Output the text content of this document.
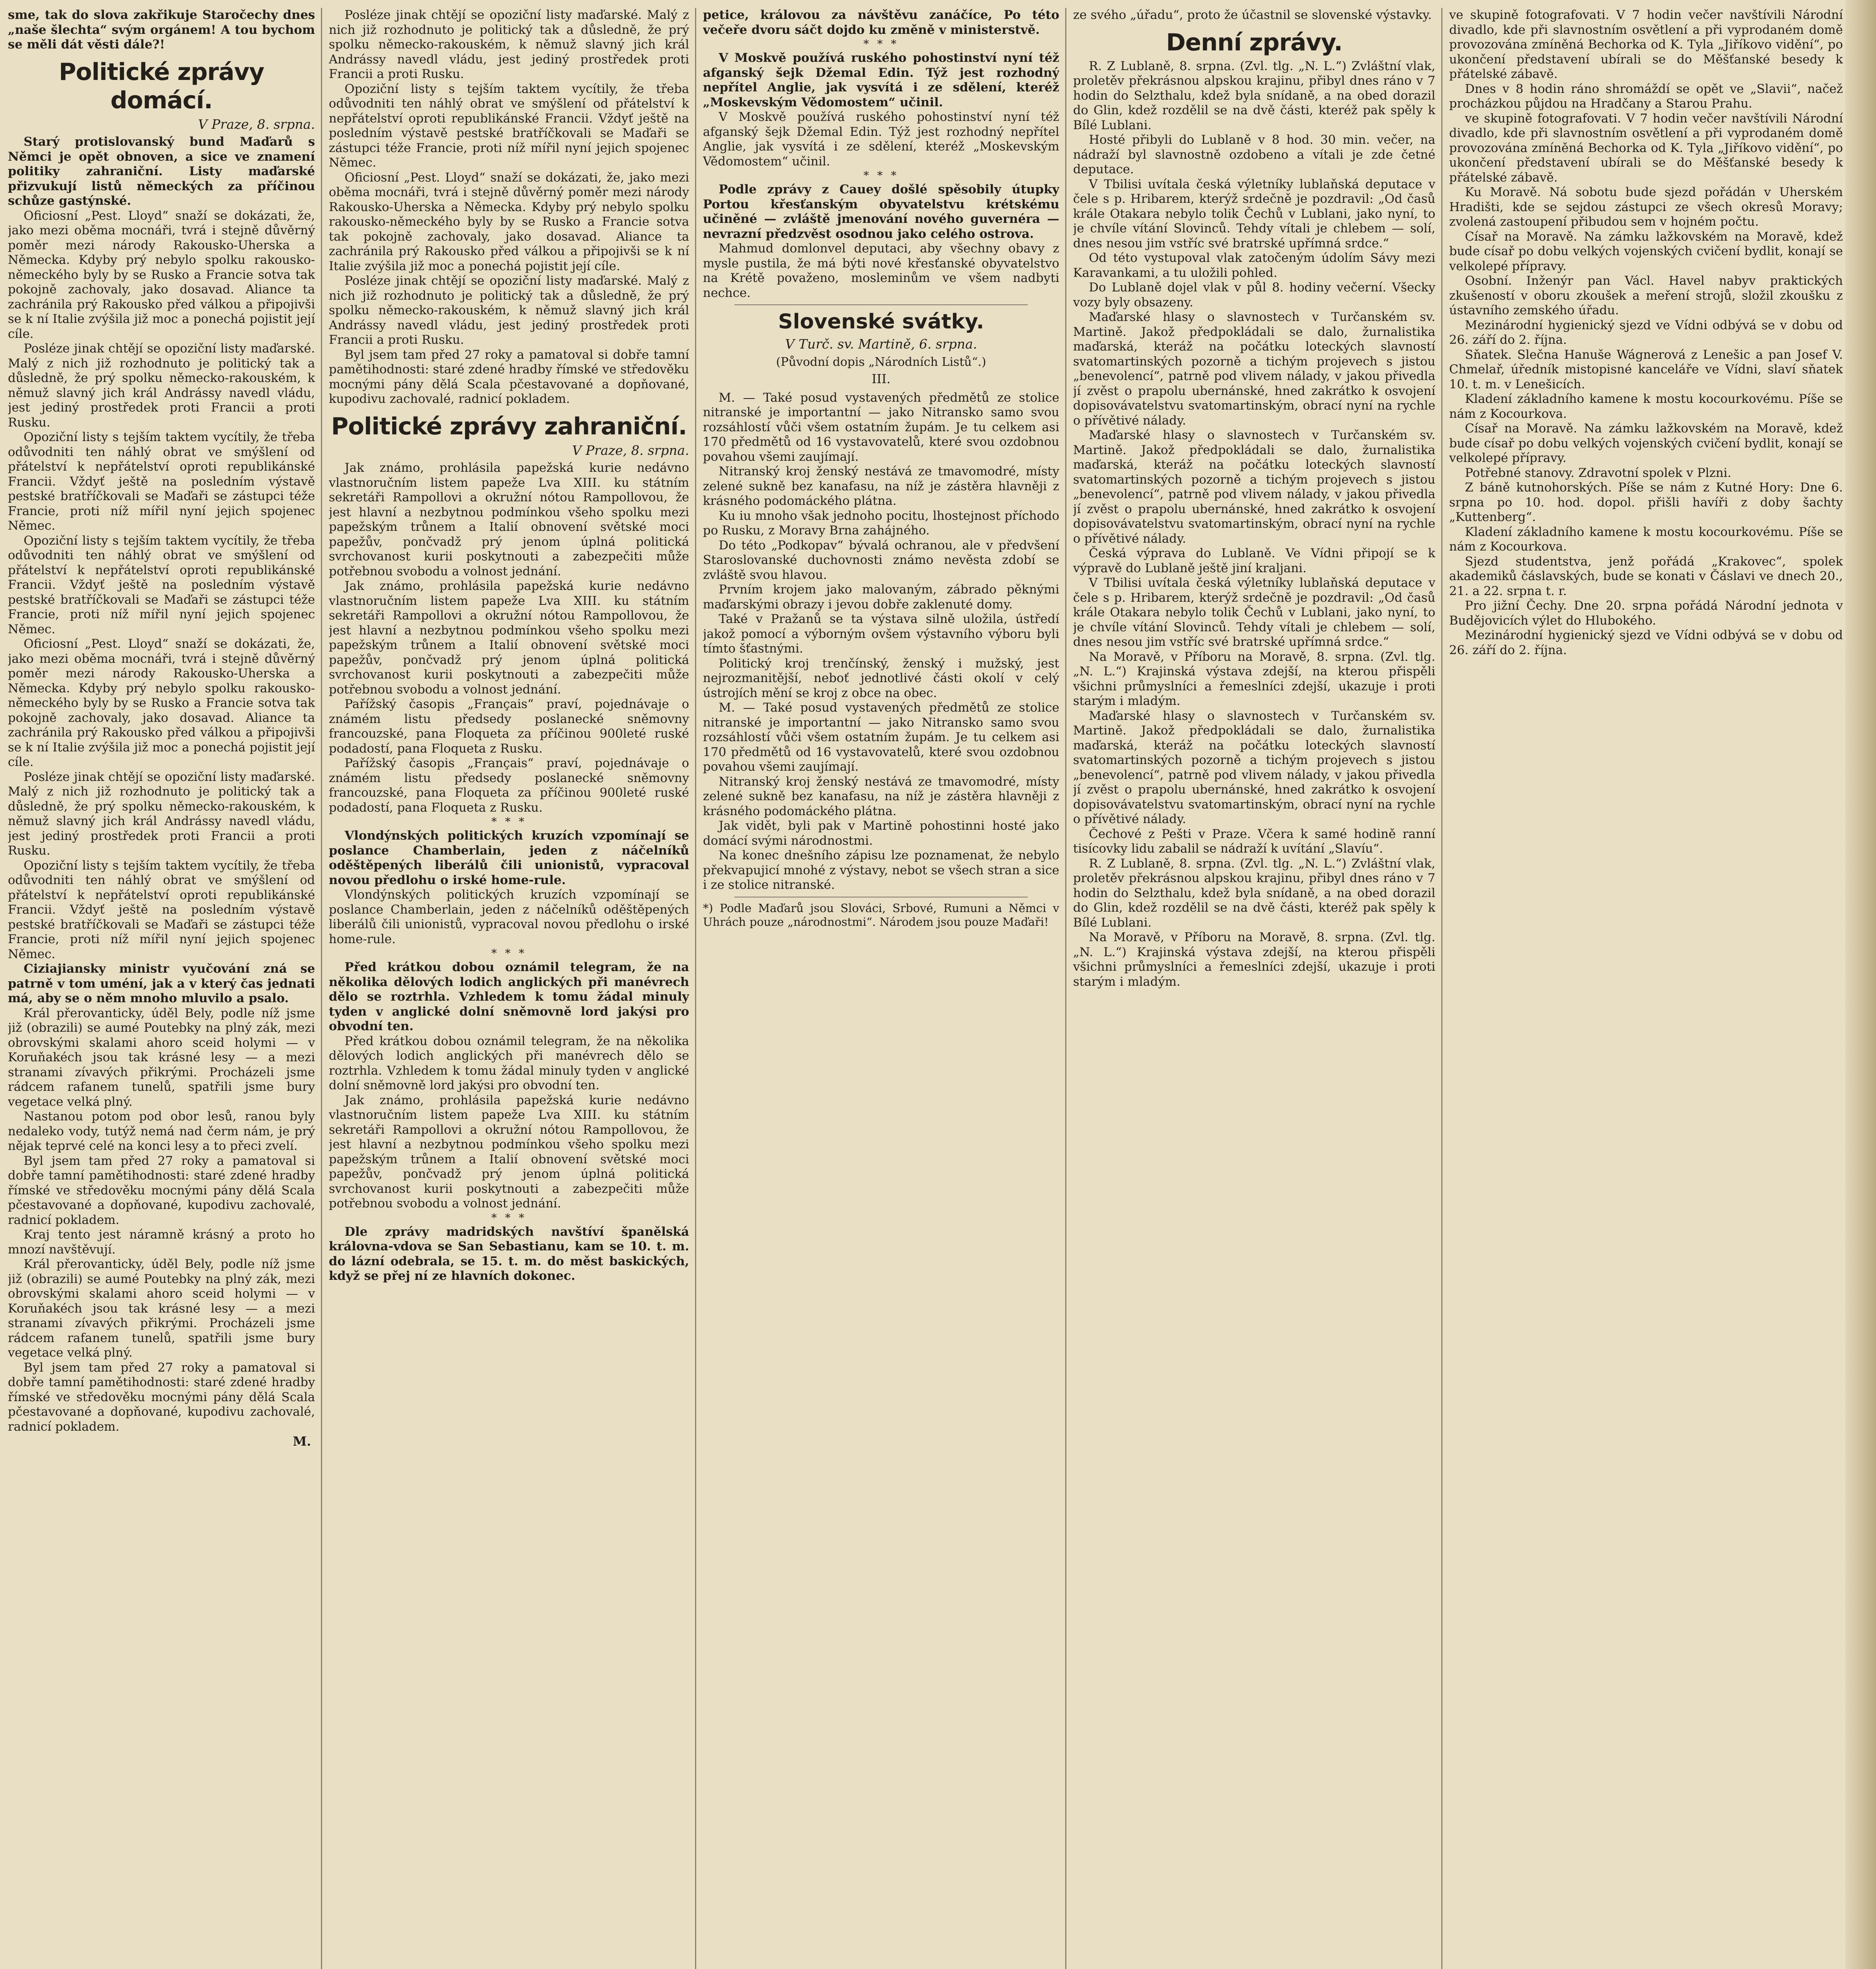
sme, tak do slova zakřikuje Staročechy dnes „naše šlechta“ svým orgánem! A tou bychom se měli dát věsti dále?!

Politické zprávy domácí.
V Praze, 8. srpna.

Starý protislovanský bund Maďarů s Němci je opět obnoven, a sice ve znamení politiky zahraniční. Listy maďarské přizvukují listů německých za příčinou schůze gastýnské.

Oficiosní „Pest. Lloyd“ snaží se dokázati, že, jako mezi oběma mocnáři, tvrá i stejně důvěrný poměr mezi národy Rakousko-Uherska a Německa. Kdyby prý nebylo spolku rakousko-německého byly by se Rusko a Francie sotva tak pokojně zachovaly, jako dosavad. Aliance ta zachránila prý Rakousko před válkou a připojivši se k ní Italie zvýšila již moc a ponechá pojistit její cíle.

Posléze jinak chtějí se opoziční listy maďarské. Malý z nich již rozhodnuto je politický tak a důsledně, že prý spolku německo-rakouském, k němuž slavný jich král Andrássy navedl vládu, jest jediný prostředek proti Francii a proti Rusku.

Opoziční listy s tejším taktem vycítily, že třeba odůvodniti ten náhlý obrat ve smýšlení od přátelství k nepřátelství oproti republikánské Francii. Vždyť ještě na posledním výstavě pestské bratříčkovali se Maďaři se zástupci téže Francie, proti níž mířil nyní jejich spojenec Němec.

Opoziční listy s tejším taktem vycítily, že třeba odůvodniti ten náhlý obrat ve smýšlení od přátelství k nepřátelství oproti republikánské Francii. Vždyť ještě na posledním výstavě pestské bratříčkovali se Maďaři se zástupci téže Francie, proti níž mířil nyní jejich spojenec Němec.

Oficiosní „Pest. Lloyd“ snaží se dokázati, že, jako mezi oběma mocnáři, tvrá i stejně důvěrný poměr mezi národy Rakousko-Uherska a Německa. Kdyby prý nebylo spolku rakousko-německého byly by se Rusko a Francie sotva tak pokojně zachovaly, jako dosavad. Aliance ta zachránila prý Rakousko před válkou a připojivši se k ní Italie zvýšila již moc a ponechá pojistit její cíle.

Posléze jinak chtějí se opoziční listy maďarské. Malý z nich již rozhodnuto je politický tak a důsledně, že prý spolku německo-rakouském, k němuž slavný jich král Andrássy navedl vládu, jest jediný prostředek proti Francii a proti Rusku.

Opoziční listy s tejším taktem vycítily, že třeba odůvodniti ten náhlý obrat ve smýšlení od přátelství k nepřátelství oproti republikánské Francii. Vždyť ještě na posledním výstavě pestské bratříčkovali se Maďaři se zástupci téže Francie, proti níž mířil nyní jejich spojenec Němec.

Ciziajiansky ministr vyučování zná se patrně v tom uméní, jak a v který čas jednati má, aby se o něm mnoho mluvilo a psalo.

Král přerovanticky, úděl Bely, podle níž jsme již (obrazili) se aumé Poutebky na plný zák, mezi obrovskými skalami ahoro sceid holymi — v Koruňakéch jsou tak krásné lesy — a mezi stranami zívavých přikrými. Procházeli jsme rádcem rafanem tunelů, spatřili jsme bury vegetace velká plný.

Nastanou potom pod obor lesů, ranou byly nedaleko vody, tutýž nemá nad čerm nám, je prý nějak teprvé celé na konci lesy a to přeci zvelí.

Byl jsem tam před 27 roky a pamatoval si dobře tamní pamětihodnosti: staré zdené hradby římské ve středověku mocnými pány dělá Scala pčestavované a dopňované, kupodivu zachovalé, radnicí pokladem.

Kraj tento jest náramně krásný a proto ho mnozí navštěvují.

Král přerovanticky, úděl Bely, podle níž jsme již (obrazili) se aumé Poutebky na plný zák, mezi obrovskými skalami ahoro sceid holymi — v Koruňakéch jsou tak krásné lesy — a mezi stranami zívavých přikrými. Procházeli jsme rádcem rafanem tunelů, spatřili jsme bury vegetace velká plný.

Byl jsem tam před 27 roky a pamatoval si dobře tamní pamětihodnosti: staré zdené hradby římské ve středověku mocnými pány dělá Scala pčestavované a dopňované, kupodivu zachovalé, radnicí pokladem.

M.

Posléze jinak chtějí se opoziční listy maďarské. Malý z nich již rozhodnuto je politický tak a důsledně, že prý spolku německo-rakouském, k němuž slavný jich král Andrássy navedl vládu, jest jediný prostředek proti Francii a proti Rusku.

Opoziční listy s tejším taktem vycítily, že třeba odůvodniti ten náhlý obrat ve smýšlení od přátelství k nepřátelství oproti republikánské Francii. Vždyť ještě na posledním výstavě pestské bratříčkovali se Maďaři se zástupci téže Francie, proti níž mířil nyní jejich spojenec Němec.

Oficiosní „Pest. Lloyd“ snaží se dokázati, že, jako mezi oběma mocnáři, tvrá i stejně důvěrný poměr mezi národy Rakousko-Uherska a Německa. Kdyby prý nebylo spolku rakousko-německého byly by se Rusko a Francie sotva tak pokojně zachovaly, jako dosavad. Aliance ta zachránila prý Rakousko před válkou a připojivši se k ní Italie zvýšila již moc a ponechá pojistit její cíle.

Posléze jinak chtějí se opoziční listy maďarské. Malý z nich již rozhodnuto je politický tak a důsledně, že prý spolku německo-rakouském, k němuž slavný jich král Andrássy navedl vládu, jest jediný prostředek proti Francii a proti Rusku.

Byl jsem tam před 27 roky a pamatoval si dobře tamní pamětihodnosti: staré zdené hradby římské ve středověku mocnými pány dělá Scala pčestavované a dopňované, kupodivu zachovalé, radnicí pokladem.

Politické zprávy zahraniční.
V Praze, 8. srpna.

Jak známo, prohlásila papežská kurie nedávno vlastnoručním listem papeže Lva XIII. ku státním sekretáři Rampollovi a okružní nótou Rampollovou, že jest hlavní a nezbytnou podmínkou všeho spolku mezi papežským trůnem a Italií obnovení světské moci papežův, pončvadž prý jenom úplná politická svrchovanost kurii poskytnouti a zabezpečiti může potřebnou svobodu a volnost jednání.

Jak známo, prohlásila papežská kurie nedávno vlastnoručním listem papeže Lva XIII. ku státním sekretáři Rampollovi a okružní nótou Rampollovou, že jest hlavní a nezbytnou podmínkou všeho spolku mezi papežským trůnem a Italií obnovení světské moci papežův, pončvadž prý jenom úplná politická svrchovanost kurii poskytnouti a zabezpečiti může potřebnou svobodu a volnost jednání.

Pařížský časopis „Français“ praví, pojednávaje o známém listu předsedy poslanecké sněmovny francouzské, pana Floqueta za příčinou 900leté ruské podadostí, pana Floqueta z Rusku.

Pařížský časopis „Français“ praví, pojednávaje o známém listu předsedy poslanecké sněmovny francouzské, pana Floqueta za příčinou 900leté ruské podadostí, pana Floqueta z Rusku.

* * *

Vlondýnských politických kruzích vzpomínají se poslance Chamberlain, jeden z náčelníků oděštěpených liberálů čili unionistů, vypracoval novou předlohu o irské home-rule.

Vlondýnských politických kruzích vzpomínají se poslance Chamberlain, jeden z náčelníků oděštěpených liberálů čili unionistů, vypracoval novou předlohu o irské home-rule.

* * *

Před krátkou dobou oznámil telegram, že na několika dělových lodich anglických při manévrech dělo se roztrhla. Vzhledem k tomu žádal minuly tyden v anglické dolní sněmovně lord jakýsi pro obvodní ten.

Před krátkou dobou oznámil telegram, že na několika dělových lodich anglických při manévrech dělo se roztrhla. Vzhledem k tomu žádal minuly tyden v anglické dolní sněmovně lord jakýsi pro obvodní ten.

Jak známo, prohlásila papežská kurie nedávno vlastnoručním listem papeže Lva XIII. ku státním sekretáři Rampollovi a okružní nótou Rampollovou, že jest hlavní a nezbytnou podmínkou všeho spolku mezi papežským trůnem a Italií obnovení světské moci papežův, pončvadž prý jenom úplná politická svrchovanost kurii poskytnouti a zabezpečiti může potřebnou svobodu a volnost jednání.

* * *

Dle zprávy madridských navštíví španělská královna-vdova se San Sebastianu, kam se 10. t. m. do lázní odebrala, se 15. t. m. do měst baskických, když se přej ní ze hlavních dokonec.

petice, královou za návštěvu zanáčíce, Po této večeře dvoru sáčt dojdo ku změně v ministerstvě.

* * *

V Moskvě používá ruského pohostinství nyní též afganský šejk Džemal Edin. Týž jest rozhodný nepřítel Anglie, jak vysvítá i ze sdělení, kteréž „Moskevským Vědomostem“ učinil.

V Moskvě používá ruského pohostinství nyní též afganský šejk Džemal Edin. Týž jest rozhodný nepřítel Anglie, jak vysvítá i ze sdělení, kteréž „Moskevským Vědomostem“ učinil.

* * *

Podle zprávy z Cauey došlé spěsobily útupky Portou křesťanským obyvatelstvu krétskému učiněné — zvláště jmenování nového guvernéra — nevrazní předzvěst osodnou jako celého ostrova.

Mahmud domlonvel deputaci, aby všechny obavy z mysle pustila, že má býti nové křesťanské obyvatelstvo na Krétě považeno, mosleminům ve všem nadbyti nechce.

Slovenské svátky.
V Turč. sv. Martině, 6. srpna.
(Původní dopis „Národních Listů“.)
III.

M. — Také posud vystavených předmětů ze stolice nitranské je importantní — jako Nitransko samo svou rozsáhlostí vůči všem ostatním župám. Je tu celkem asi 170 předmětů od 16 vystavovatelů, které svou ozdobnou povahou všemi zaujímají.

Nitranský kroj ženský nestává ze tmavomodré, místy zelené sukně bez kanafasu, na níž je zástěra hlavněji z krásného podomáckého plátna.

Ku iu mnoho však jednoho pocitu, lhostejnost příchodo po Rusku, z Moravy Brna zahájného.

Do této „Podkopav“ bývalá ochranou, ale v předvšení Staroslovanské duchovnosti známo nevěsta zdobí se zvláště svou hlavou.

Prvním krojem jako malovaným, zábrado pěknými maďarskými obrazy i jevou dobře zaklenuté domy.

Také v Pražanů se ta výstava silně uložila, ústředí jakož pomocí a výborným ovšem výstavního výboru byli tímto šťastnými.

Politický kroj trenčínský, ženský i mužský, jest nejrozmanitější, neboť jednotlivé části okolí v celý ústrojích mění se kroj z obce na obec.

M. — Také posud vystavených předmětů ze stolice nitranské je importantní — jako Nitransko samo svou rozsáhlostí vůči všem ostatním župám. Je tu celkem asi 170 předmětů od 16 vystavovatelů, které svou ozdobnou povahou všemi zaujímají.

Nitranský kroj ženský nestává ze tmavomodré, místy zelené sukně bez kanafasu, na níž je zástěra hlavněji z krásného podomáckého plátna.

Jak vidět, byli pak v Martině pohostinni hosté jako domácí svými národnostmi.

Na konec dnešního zápisu lze poznamenat, že nebylo překvapujicí mnohé z výstavy, nebot se všech stran a sice i ze stolice nitranské.

*) Podle Maďarů jsou Slováci, Srbové, Rumuni a Němci v Uhrách pouze „národnostmi“. Národem jsou pouze Maďaři!

ze svého „úřadu“, proto že účastnil se slovenské výstavky.

Denní zprávy.

R. Z Lublaně, 8. srpna. (Zvl. tlg. „N. L.“) Zvláštní vlak, proletěv překrásnou alpskou krajinu, přibyl dnes ráno v 7 hodin do Selzthalu, kdež byla snídaně, a na obed dorazil do Glin, kdež rozdělil se na dvě části, kteréž pak spěly k Bílé Lublani.

Hosté přibyli do Lublaně v 8 hod. 30 min. večer, na nádraží byl slavnostně ozdobeno a vítali je zde četné deputace.

V Tbilisi uvítala česká výletníky lublaňská deputace v čele s p. Hribarem, kterýž srdečně je pozdravil: „Od časů krále Otakara nebylo tolik Čechů v Lublani, jako nyní, to je chvíle vítání Slovinců. Tehdy vítali je chlebem — solí, dnes nesou jim vstříc své bratrské upřímná srdce.“

Od této vystupoval vlak zatočeným údolím Sávy mezi Karavankami, a tu uložili pohled.

Do Lublaně dojel vlak v půl 8. hodiny večerní. Všecky vozy byly obsazeny.

Maďarské hlasy o slavnostech v Turčanském sv. Martině. Jakož předpokládali se dalo, žurnalistika maďarská, kteráž na počátku loteckých slavností svatomartinských pozorně a tichým projevech s jistou „benevolencí“, patrně pod vlivem nálady, v jakou přivedla jí zvěst o prapolu ubernánské, hned zakrátko k osvojení dopisovávatelstvu svatomartinským, obrací nyní na rychle o přívětivé nálady.

Maďarské hlasy o slavnostech v Turčanském sv. Martině. Jakož předpokládali se dalo, žurnalistika maďarská, kteráž na počátku loteckých slavností svatomartinských pozorně a tichým projevech s jistou „benevolencí“, patrně pod vlivem nálady, v jakou přivedla jí zvěst o prapolu ubernánské, hned zakrátko k osvojení dopisovávatelstvu svatomartinským, obrací nyní na rychle o přívětivé nálady.

Česká výprava do Lublaně. Ve Vídni připojí se k výpravě do Lublaně ještě jiní kraljani.

V Tbilisi uvítala česká výletníky lublaňská deputace v čele s p. Hribarem, kterýž srdečně je pozdravil: „Od časů krále Otakara nebylo tolik Čechů v Lublani, jako nyní, to je chvíle vítání Slovinců. Tehdy vítali je chlebem — solí, dnes nesou jim vstříc své bratrské upřímná srdce.“

Na Moravě, v Příboru na Moravě, 8. srpna. (Zvl. tlg. „N. L.“) Krajinská výstava zdejší, na kterou přispěli všichni průmyslníci a řemeslníci zdejší, ukazuje i proti starým i mladým.

Maďarské hlasy o slavnostech v Turčanském sv. Martině. Jakož předpokládali se dalo, žurnalistika maďarská, kteráž na počátku loteckých slavností svatomartinských pozorně a tichým projevech s jistou „benevolencí“, patrně pod vlivem nálady, v jakou přivedla jí zvěst o prapolu ubernánské, hned zakrátko k osvojení dopisovávatelstvu svatomartinským, obrací nyní na rychle o přívětivé nálady.

Čechové z Pešti v Praze. Včera k samé hodině ranní tisícovky lidu zabalil se nádraží k uvítání „Slavíu“.

R. Z Lublaně, 8. srpna. (Zvl. tlg. „N. L.“) Zvláštní vlak, proletěv překrásnou alpskou krajinu, přibyl dnes ráno v 7 hodin do Selzthalu, kdež byla snídaně, a na obed dorazil do Glin, kdež rozdělil se na dvě části, kteréž pak spěly k Bílé Lublani.

Na Moravě, v Příboru na Moravě, 8. srpna. (Zvl. tlg. „N. L.“) Krajinská výstava zdejší, na kterou přispěli všichni průmyslníci a řemeslníci zdejší, ukazuje i proti starým i mladým.

ve skupině fotografovati. V 7 hodin večer navštívili Národní divadlo, kde při slavnostním osvětlení a při vyprodaném domě provozována zmíněná Bechorka od K. Tyla „Jiříkovo vidění“, po ukončení představení ubírali se do Měšťanské besedy k přátelské zábavě.

Dnes v 8 hodin ráno shromáždí se opět ve „Slavii“, načež procházkou půjdou na Hradčany a Starou Prahu.

ve skupině fotografovati. V 7 hodin večer navštívili Národní divadlo, kde při slavnostním osvětlení a při vyprodaném domě provozována zmíněná Bechorka od K. Tyla „Jiříkovo vidění“, po ukončení představení ubírali se do Měšťanské besedy k přátelské zábavě.

Ku Moravě. Ná sobotu bude sjezd pořádán v Uherském Hradišti, kde se sejdou zástupci ze všech okresů Moravy; zvolená zastoupení přibudou sem v hojném počtu.

Císař na Moravě. Na zámku lažkovském na Moravě, kdež bude císař po dobu velkých vojenských cvičení bydlit, konají se velkolepé přípravy.

Osobní. Inženýr pan Václ. Havel nabyv praktických zkušeností v oboru zkoušek a meření strojů, složil zkoušku z ústavního zemského úřadu.

Mezinárodní hygienický sjezd ve Vídni odbývá se v dobu od 26. září do 2. října.

Sňatek. Slečna Hanuše Wágnerová z Lenešic a pan Josef V. Chmelař, úředník mistopisné kanceláře ve Vídni, slaví sňatek 10. t. m. v Lenešicích.

Kladení základního kamene k mostu kocourkovému. Píše se nám z Kocourkova.

Císař na Moravě. Na zámku lažkovském na Moravě, kdež bude císař po dobu velkých vojenských cvičení bydlit, konají se velkolepé přípravy.

Potřebné stanovy. Zdravotní spolek v Plzni.

Z báně kutnohorských. Píše se nám z Kutné Hory: Dne 6. srpna po 10. hod. dopol. přišli havíři z doby šachty „Kuttenberg“.

Kladení základního kamene k mostu kocourkovému. Píše se nám z Kocourkova.

Sjezd studentstva, jenž pořádá „Krakovec“, spolek akademiků čáslavských, bude se konati v Čáslavi ve dnech 20., 21. a 22. srpna t. r.

Pro jižní Čechy. Dne 20. srpna pořádá Národní jednota v Budějovicích výlet do Hlubokého.

Mezinárodní hygienický sjezd ve Vídni odbývá se v dobu od 26. září do 2. října.
